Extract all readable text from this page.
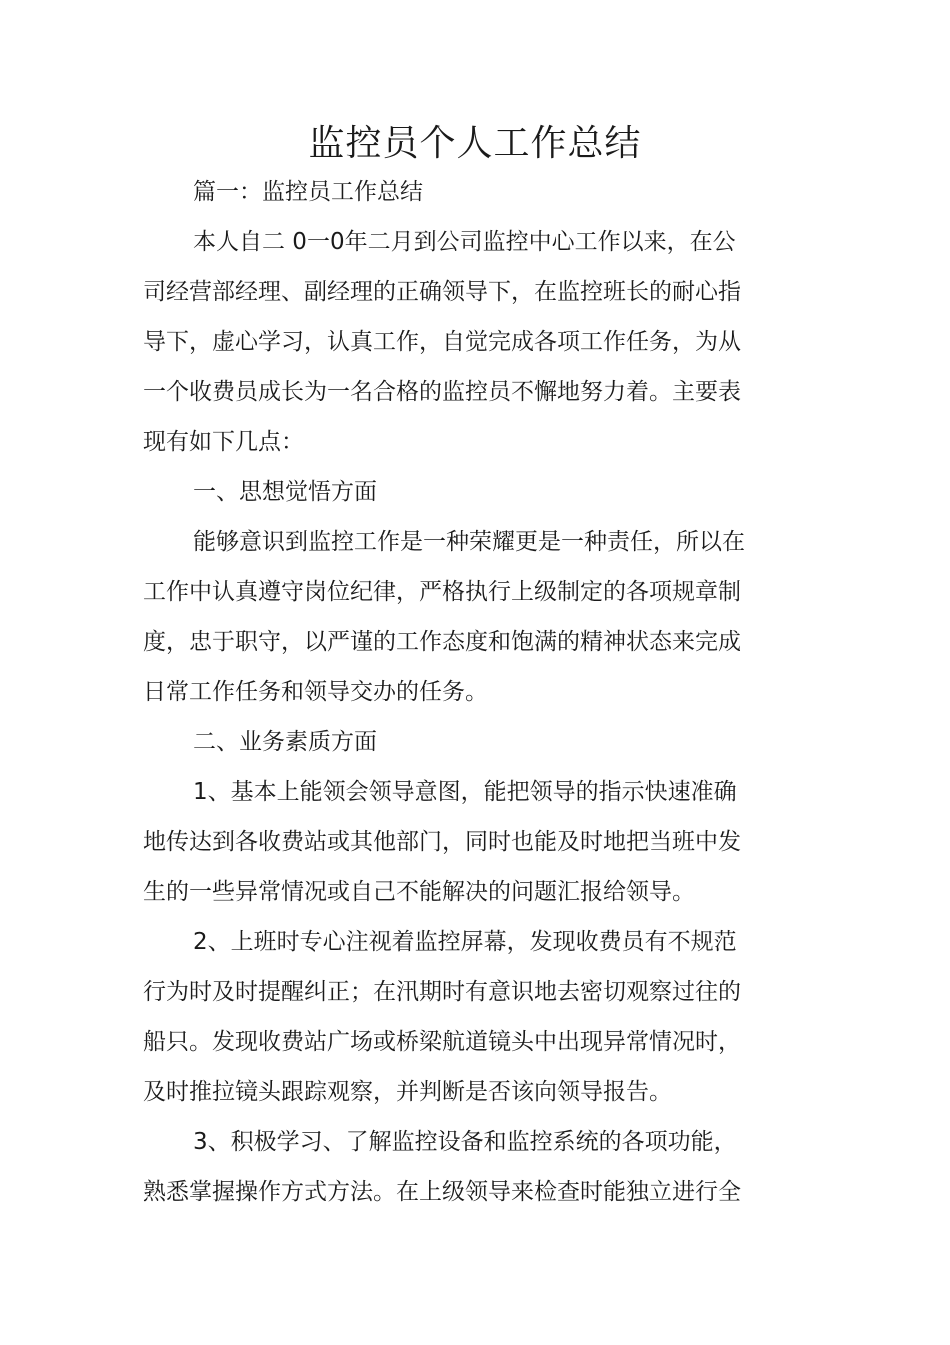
监控员个人工作总结

篇一：监控员工作总结

本人自二 0一0年二月到公司监控中心工作以来，在公

司经营部经理、副经理的正确领导下，在监控班长的耐心指

导下，虚心学习，认真工作，自觉完成各项工作任务，为从

一个收费员成长为一名合格的监控员不懈地努力着。主要表

现有如下几点：

一、思想觉悟方面

能够意识到监控工作是一种荣耀更是一种责任，所以在

工作中认真遵守岗位纪律，严格执行上级制定的各项规章制

度，忠于职守，以严谨的工作态度和饱满的精神状态来完成

日常工作任务和领导交办的任务。

二、业务素质方面

1、基本上能领会领导意图，能把领导的指示快速准确

地传达到各收费站或其他部门，同时也能及时地把当班中发

生的一些异常情况或自己不能解决的问题汇报给领导。

2、上班时专心注视着监控屏幕，发现收费员有不规范

行为时及时提醒纠正；在汛期时有意识地去密切观察过往的

船只。发现收费站广场或桥梁航道镜头中出现异常情况时，

及时推拉镜头跟踪观察，并判断是否该向领导报告。

3、积极学习、了解监控设备和监控系统的各项功能，

熟悉掌握操作方式方法。在上级领导来检查时能独立进行全
